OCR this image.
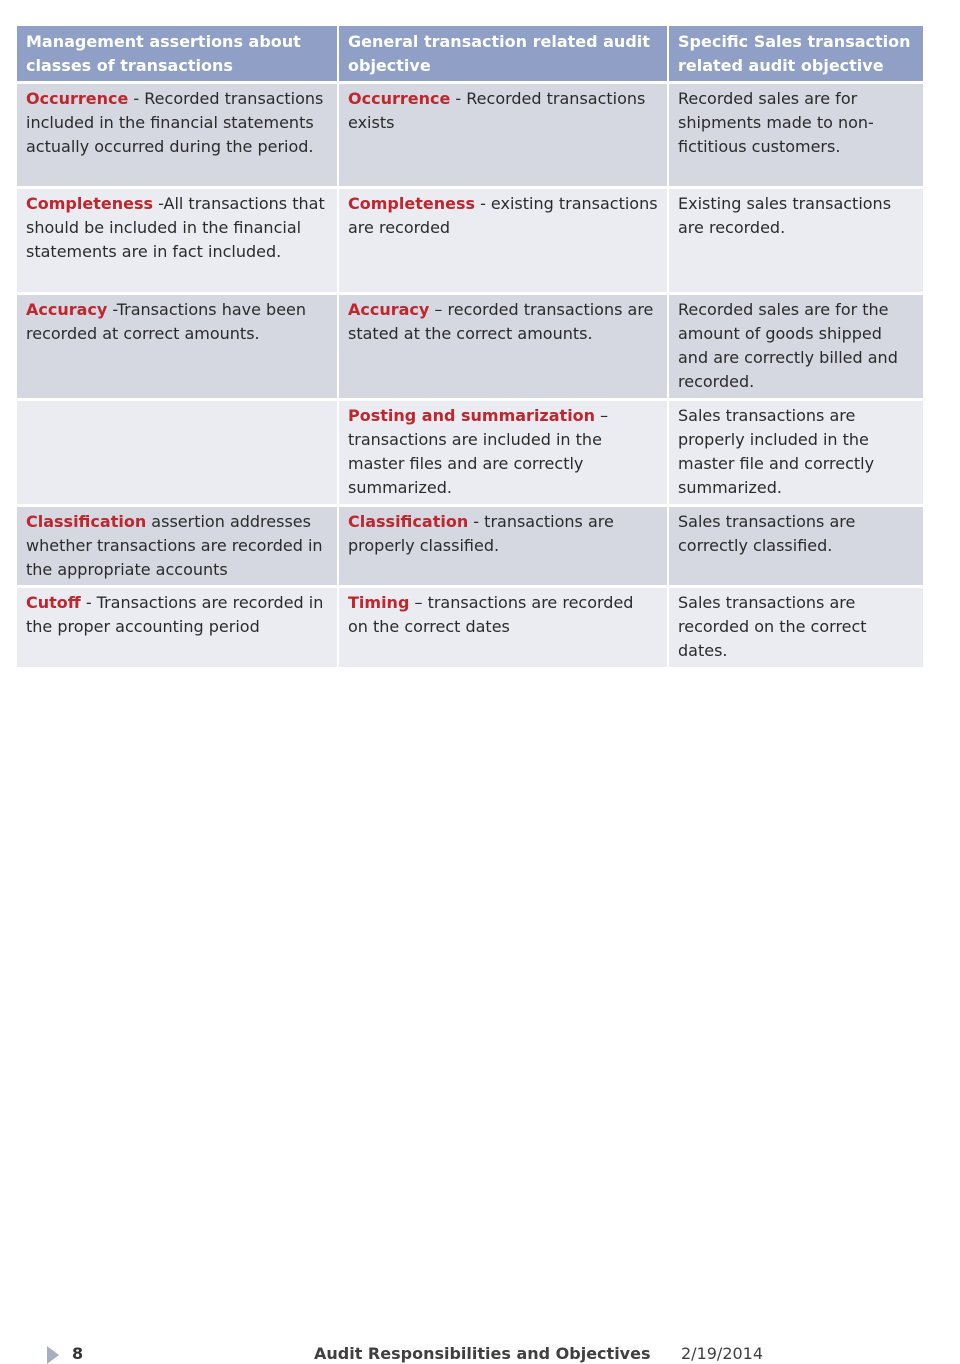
Management assertions about classes of transactions	General transaction related audit objective	Specific Sales transaction related audit objective
Occurrence - Recorded transactions included in the financial statements actually occurred during the period.	Occurrence - Recorded transactions exists	Recorded sales are for shipments made to non-fictitious customers.
Completeness -All transactions that should be included in the financial statements are in fact included.	Completeness - existing transactions are recorded	Existing sales transactions are recorded.
Accuracy -Transactions have been recorded at correct amounts.	Accuracy – recorded transactions are stated at the correct amounts.	Recorded sales are for the amount of goods shipped and are correctly billed and recorded.
	Posting and summarization – transactions are included in the master files and are correctly summarized.	Sales transactions are properly included in the master file and correctly summarized.
Classification assertion addresses whether transactions are recorded in the appropriate accounts	Classification - transactions are properly classified.	Sales transactions are correctly classified.
Cutoff - Transactions are recorded in the proper accounting period	Timing – transactions are recorded on the correct dates	Sales transactions are recorded on the correct dates.
8	Audit Responsibilities and Objectives 2/19/2014
